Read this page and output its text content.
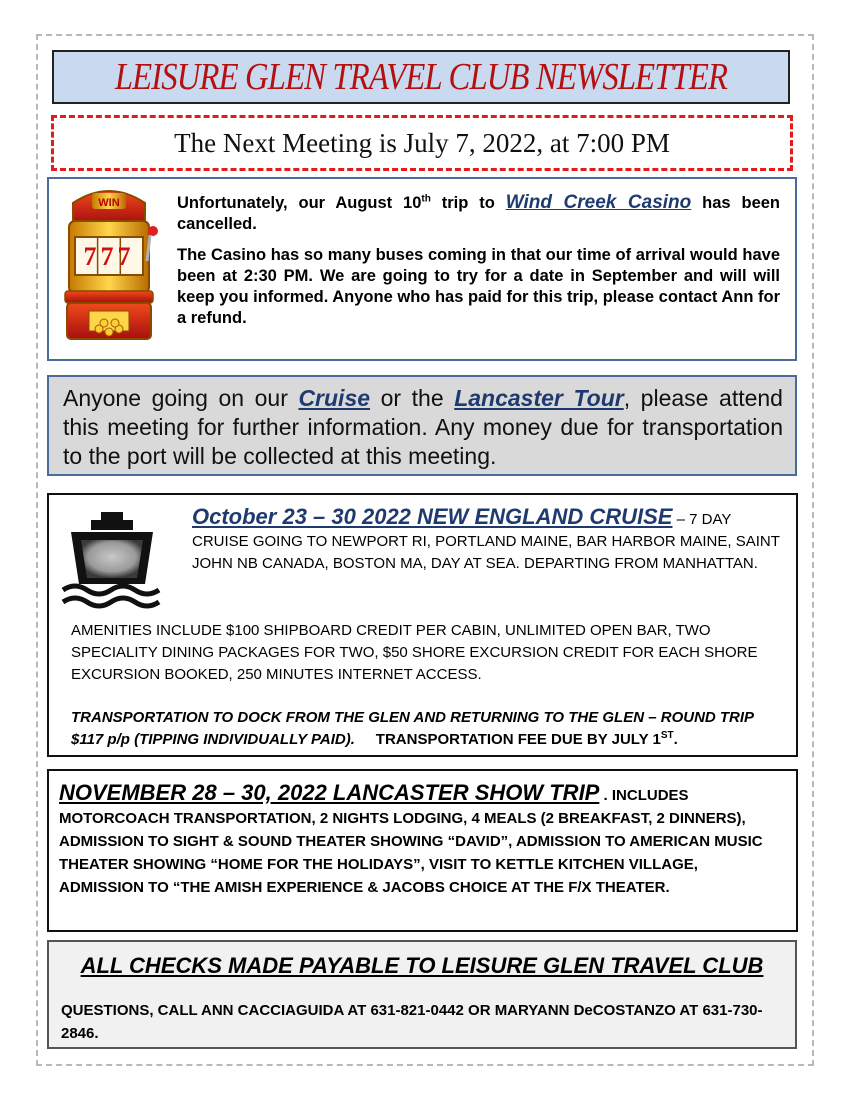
LEISURE GLEN TRAVEL CLUB NEWSLETTER
The Next Meeting is July 7, 2022, at 7:00 PM
WIN
777

Unfortunately, our August 10th trip to Wind Creek Casino has been cancelled.

The Casino has so many buses coming in that our time of arrival would have been at 2:30 PM. We are going to try for a date in September and will will keep you informed. Anyone who has paid for this trip, please contact Ann for a refund.

Anyone going on our Cruise or the Lancaster Tour, please attend this meeting for further information. Any money due for transportation to the port will be collected at this meeting.
October 23 – 30 2022 NEW ENGLAND CRUISE – 7 DAY CRUISE GOING TO NEWPORT RI, PORTLAND MAINE, BAR HARBOR MAINE, SAINT JOHN NB CANADA, BOSTON MA, DAY AT SEA. DEPARTING FROM MANHATTAN.
AMENITIES INCLUDE $100 SHIPBOARD CREDIT PER CABIN, UNLIMITED OPEN BAR, TWO SPECIALITY DINING PACKAGES FOR TWO, $50 SHORE EXCURSION CREDIT FOR EACH SHORE EXCURSION BOOKED, 250 MINUTES INTERNET ACCESS.
TRANSPORTATION TO DOCK FROM THE GLEN AND RETURNING TO THE GLEN – ROUND TRIP $117 p/p (TIPPING INDIVIDUALLY PAID). TRANSPORTATION FEE DUE BY JULY 1ST.
NOVEMBER 28 – 30, 2022 LANCASTER SHOW TRIP . INCLUDES MOTORCOACH TRANSPORTATION, 2 NIGHTS LODGING, 4 MEALS (2 BREAKFAST, 2 DINNERS), ADMISSION TO SIGHT & SOUND THEATER SHOWING “DAVID”, ADMISSION TO AMERICAN MUSIC THEATER SHOWING “HOME FOR THE HOLIDAYS”, VISIT TO KETTLE KITCHEN VILLAGE, ADMISSION TO “THE AMISH EXPERIENCE & JACOBS CHOICE AT THE F/X THEATER.
ALL CHECKS MADE PAYABLE TO LEISURE GLEN TRAVEL CLUB
QUESTIONS, CALL ANN CACCIAGUIDA AT 631-821-0442 OR MARYANN DeCOSTANZO AT 631-730-2846.
